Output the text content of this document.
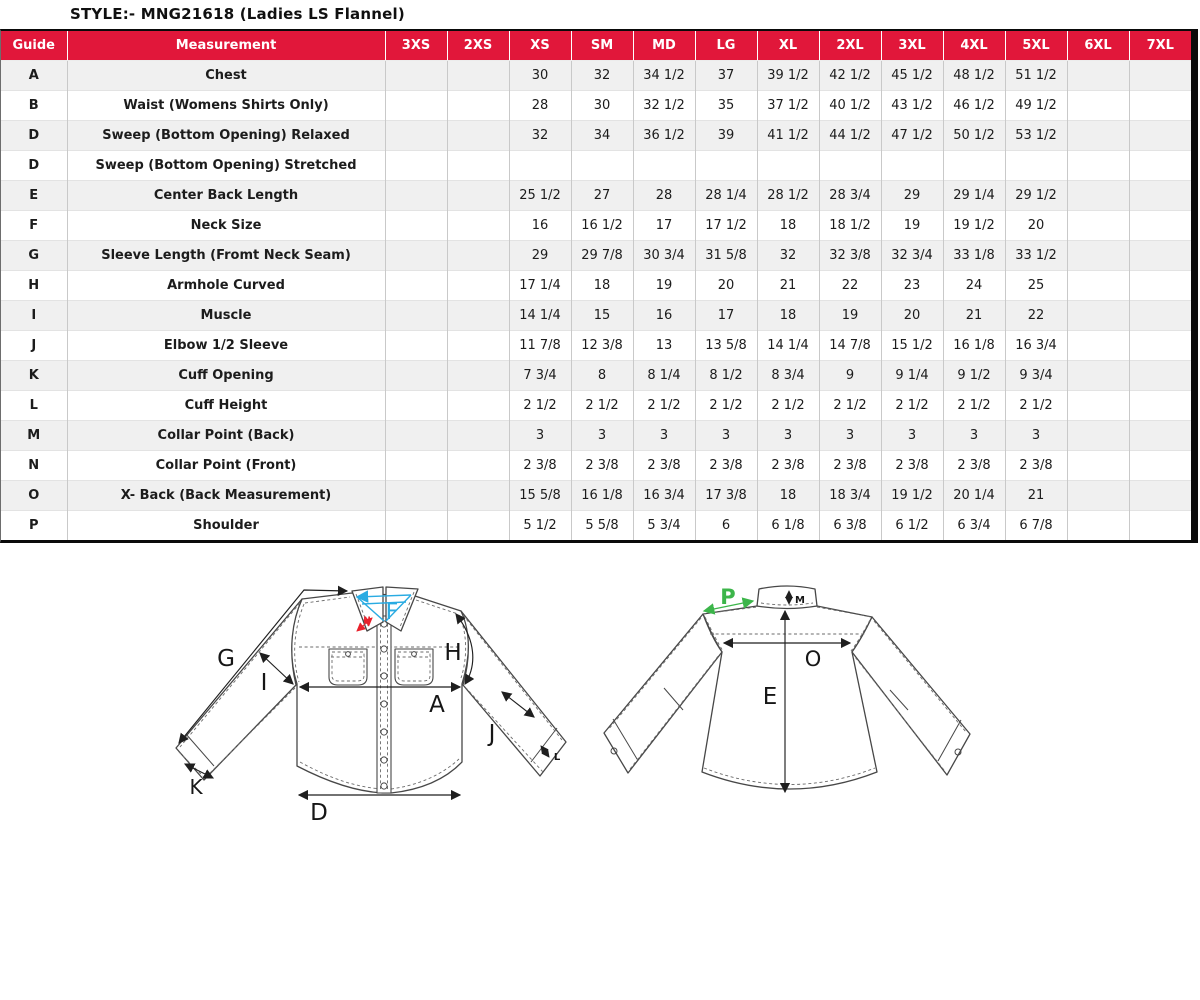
STYLE:- MNG21618 (Ladies LS Flannel)
Guide	Measurement	3XS	2XS	XS	SM	MD	LG	XL	2XL	3XL	4XL	5XL	6XL	7XL
A	Chest			30	32	34 1/2	37	39 1/2	42 1/2	45 1/2	48 1/2	51 1/2		
B	Waist (Womens Shirts Only)			28	30	32 1/2	35	37 1/2	40 1/2	43 1/2	46 1/2	49 1/2		
D	Sweep (Bottom Opening) Relaxed			32	34	36 1/2	39	41 1/2	44 1/2	47 1/2	50 1/2	53 1/2		
D	Sweep (Bottom Opening) Stretched													
E	Center Back Length			25 1/2	27	28	28 1/4	28 1/2	28 3/4	29	29 1/4	29 1/2		
F	Neck Size			16	16 1/2	17	17 1/2	18	18 1/2	19	19 1/2	20		
G	Sleeve Length (Fromt Neck Seam)			29	29 7/8	30 3/4	31 5/8	32	32 3/8	32 3/4	33 1/8	33 1/2		
H	Armhole Curved			17 1/4	18	19	20	21	22	23	24	25		
I	Muscle			14 1/4	15	16	17	18	19	20	21	22		
J	Elbow 1/2 Sleeve			11 7/8	12 3/8	13	13 5/8	14 1/4	14 7/8	15 1/2	16 1/8	16 3/4		
K	Cuff Opening			7 3/4	8	8 1/4	8 1/2	8 3/4	9	9 1/4	9 1/2	9 3/4		
L	Cuff Height			2 1/2	2 1/2	2 1/2	2 1/2	2 1/2	2 1/2	2 1/2	2 1/2	2 1/2		
M	Collar Point (Back)			3	3	3	3	3	3	3	3	3		
N	Collar Point (Front)			2 3/8	2 3/8	2 3/8	2 3/8	2 3/8	2 3/8	2 3/8	2 3/8	2 3/8		
O	X- Back (Back Measurement)			15 5/8	16 1/8	16 3/4	17 3/8	18	18 3/4	19 1/2	20 1/4	21		
P	Shoulder			5 1/2	5 5/8	5 3/4	6	6 1/8	6 3/8	6 1/2	6 3/4	6 7/8		
F
N
G
I
H
A
J
K
L
D
M
P
O
E
